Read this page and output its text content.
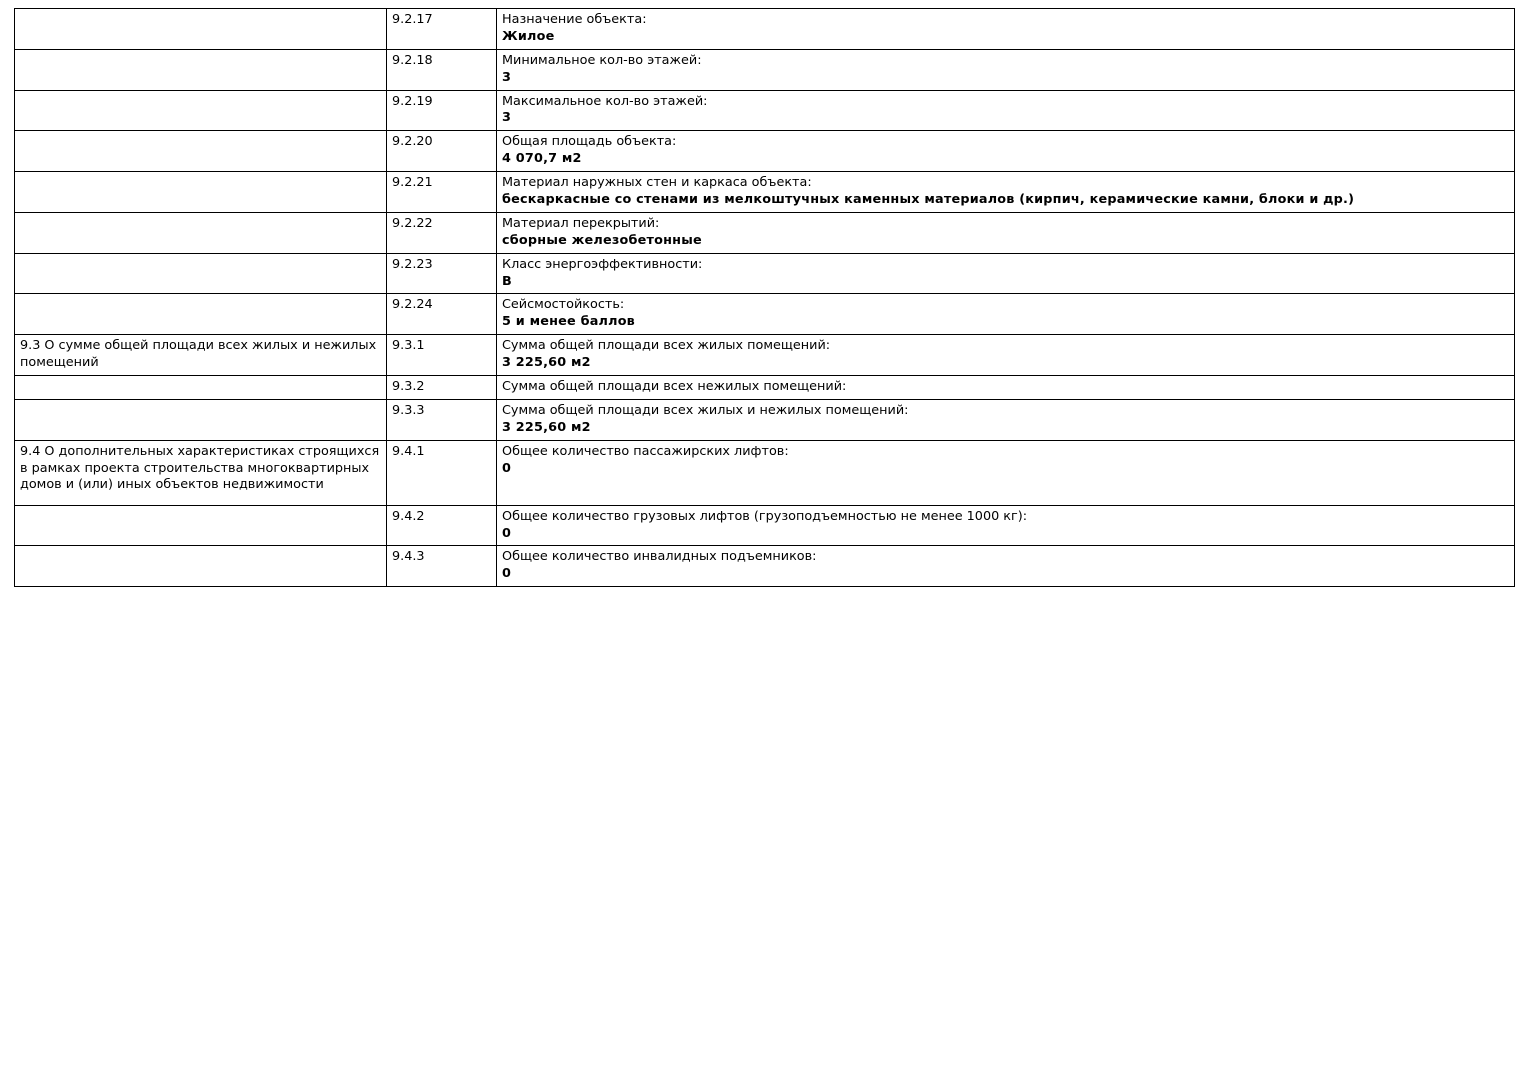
	9.2.17	Назначение объекта:
Жилое

	9.2.18	Минимальное кол-во этажей:
3

	9.2.19	Максимальное кол-во этажей:
3

	9.2.20	Общая площадь объекта:
4 070,7 м2

	9.2.21	Материал наружных стен и каркаса объекта:
бескаркасные со стенами из мелкоштучных каменных материалов (кирпич, керамические камни, блоки и др.)

	9.2.22	Материал перекрытий:
сборные железобетонные

	9.2.23	Класс энергоэффективности:
В

	9.2.24	Сейсмостойкость:
5 и менее баллов

9.3 О сумме общей площади всех жилых и нежилых помещений	9.3.1	Сумма общей площади всех жилых помещений:
3 225,60 м2

	9.3.2	Сумма общей площади всех нежилых помещений:

	9.3.3	Сумма общей площади всех жилых и нежилых помещений:
3 225,60 м2

9.4 О дополнительных характеристиках строящихся в рамках проекта строительства многоквартирных домов и (или) иных объектов недвижимости	9.4.1	Общее количество пассажирских лифтов:
0

	9.4.2	Общее количество грузовых лифтов (грузоподъемностью не менее 1000 кг):
0

	9.4.3	Общее количество инвалидных подъемников:
0
